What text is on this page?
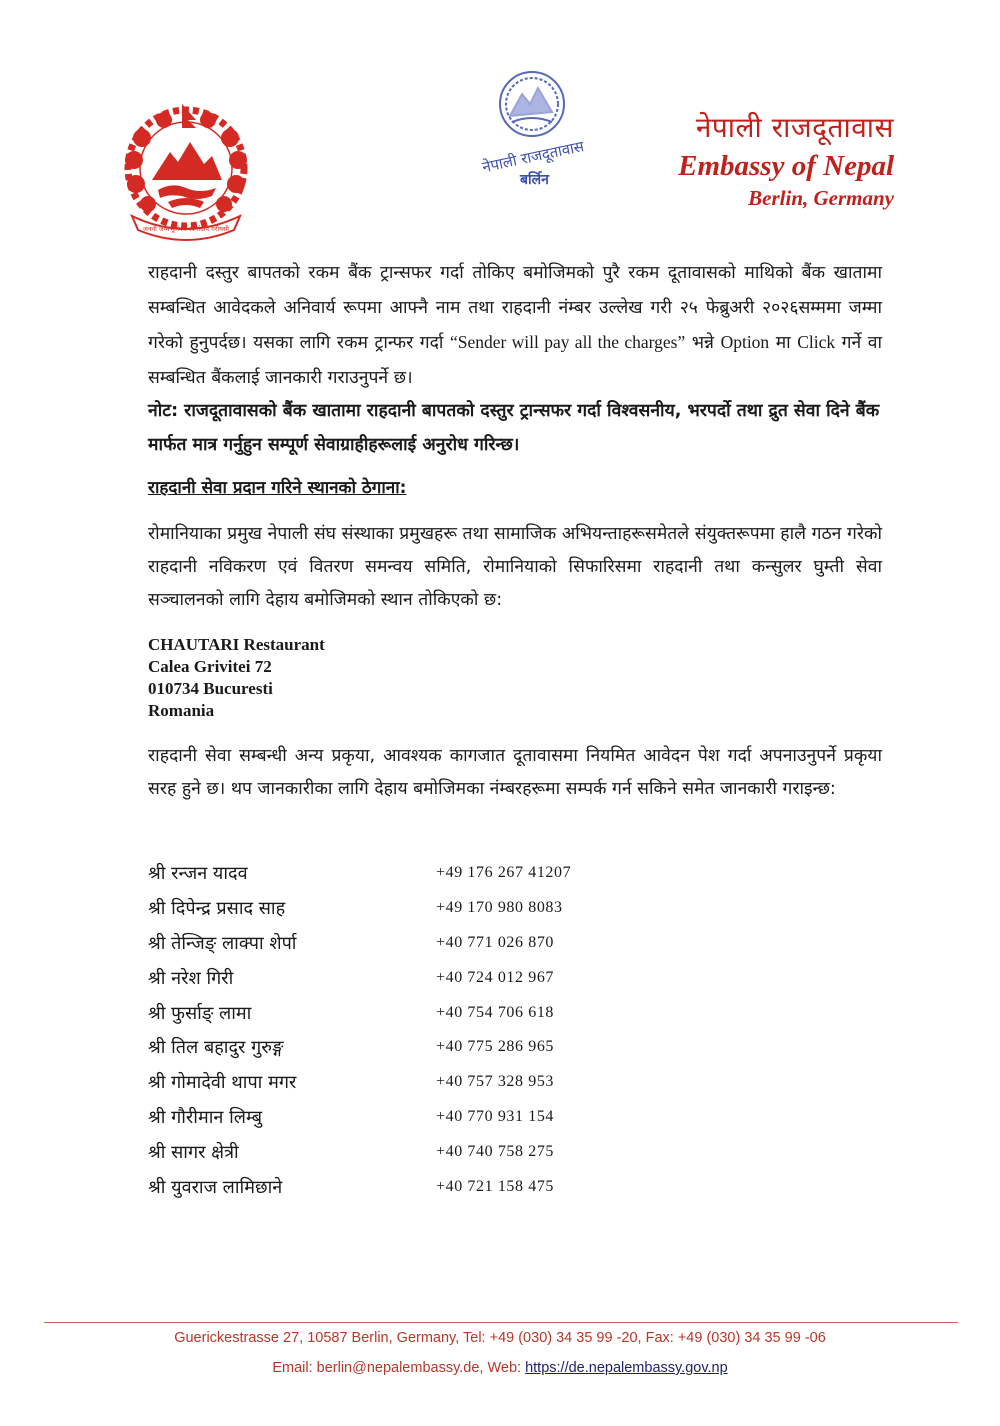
जननी जन्मभूमिश्च स्वर्गादपि गरीयसी
नेपाली राजदूतावास
बर्लिन
नेपाली राजदूतावास
Embassy of Nepal
Berlin, Germany
राहदानी दस्तुर बापतको रकम बैंक ट्रान्सफर गर्दा तोकिए बमोजिमको पुरै रकम दूतावासको माथिको बैंक खातामा सम्बन्धित आवेदकले अनिवार्य रूपमा आफ्नै नाम तथा राहदानी नंम्बर उल्लेख गरी २५ फेब्रुअरी २०२६सम्ममा जम्मा गरेको हुनुपर्दछ। यसका लागि रकम ट्रान्फर गर्दा “Sender will pay all the charges” भन्ने Option मा Click गर्ने वा सम्बन्धित बैंकलाई जानकारी गराउनुपर्ने छ।
नोट: राजदूतावासको बैंक खातामा राहदानी बापतको दस्तुर ट्रान्सफर गर्दा विश्वसनीय, भरपर्दो तथा द्रुत सेवा दिने बैंक मार्फत मात्र गर्नुहुन सम्पूर्ण सेवाग्राहीहरूलाई अनुरोध गरिन्छ।
राहदानी सेवा प्रदान गरिने स्थानको ठेगाना:
रोमानियाका प्रमुख नेपाली संघ संस्थाका प्रमुखहरू तथा सामाजिक अभियन्ताहरूसमेतले संयुक्तरूपमा हालै गठन गरेको राहदानी नविकरण एवं वितरण समन्वय समिति, रोमानियाको सिफारिसमा राहदानी तथा कन्सुलर घुम्ती सेवा सञ्चालनको लागि देहाय बमोजिमको स्थान तोकिएको छ:
CHAUTARI Restaurant
Calea Grivitei 72
010734 Bucuresti
Romania
राहदानी सेवा सम्बन्धी अन्य प्रकृया, आवश्यक कागजात दूतावासमा नियमित आवेदन पेश गर्दा अपनाउनुपर्ने प्रकृया सरह हुने छ। थप जानकारीका लागि देहाय बमोजिमका नंम्बरहरूमा सम्पर्क गर्न सकिने समेत जानकारी गराइन्छ:
श्री रन्जन यादव	+49 176 267 41207
श्री दिपेन्द्र प्रसाद साह	+49 170 980 8083
श्री तेन्जिङ् लाक्पा शेर्पा	+40 771 026 870
श्री नरेश गिरी	+40 724 012 967
श्री फुर्साङ् लामा	+40 754 706 618
श्री तिल बहादुर गुरुङ्ग	+40 775 286 965
श्री गोमादेवी थापा मगर	+40 757 328 953
श्री गौरीमान लिम्बु	+40 770 931 154
श्री सागर क्षेत्री	+40 740 758 275
श्री युवराज लामिछाने	+40 721 158 475
Guerickestrasse 27, 10587 Berlin, Germany, Tel: +49 (030) 34 35 99 -20, Fax: +49 (030) 34 35 99 -06
Email: berlin@nepalembassy.de, Web: https://de.nepalembassy.gov.np
